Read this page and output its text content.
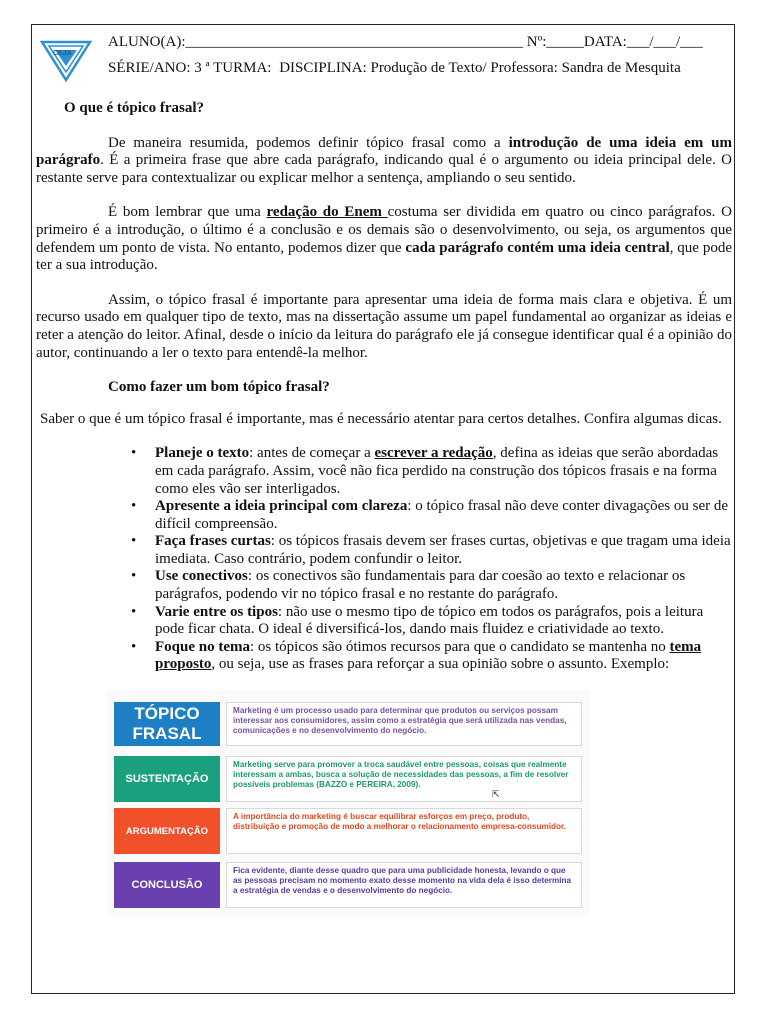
CEJA
ALUNO(A):_____________________________________________ Nº:_____DATA:___/___/___
SÉRIE/ANO: 3 ª TURMA: DISCIPLINA: Produção de Texto/ Professora: Sandra de Mesquita
O que é tópico frasal?

De maneira resumida, podemos definir tópico frasal como a introdução de uma ideia em um parágrafo. É a primeira frase que abre cada parágrafo, indicando qual é o argumento ou ideia principal dele. O restante serve para contextualizar ou explicar melhor a sentença, ampliando o seu sentido.

É bom lembrar que uma redação do Enem costuma ser dividida em quatro ou cinco parágrafos. O primeiro é a introdução, o último é a conclusão e os demais são o desenvolvimento, ou seja, os argumentos que defendem um ponto de vista. No entanto, podemos dizer que cada parágrafo contém uma ideia central, que pode ter a sua introdução.

Assim, o tópico frasal é importante para apresentar uma ideia de forma mais clara e objetiva. É um recurso usado em qualquer tipo de texto, mas na dissertação assume um papel fundamental ao organizar as ideias e reter a atenção do leitor. Afinal, desde o início da leitura do parágrafo ele já consegue identificar qual é a opinião do autor, continuando a ler o texto para entendê-la melhor.

Como fazer um bom tópico frasal?

Saber o que é um tópico frasal é importante, mas é necessário atentar para certos detalhes. Confira algumas dicas.

• Planeje o texto: antes de começar a escrever a redação, defina as ideias que serão abordadas em cada parágrafo. Assim, você não fica perdido na construção dos tópicos frasais e na forma como eles vão ser interligados.
• Apresente a ideia principal com clareza: o tópico frasal não deve conter divagações ou ser de difícil compreensão.
• Faça frases curtas: os tópicos frasais devem ser frases curtas, objetivas e que tragam uma ideia imediata. Caso contrário, podem confundir o leitor.
• Use conectivos: os conectivos são fundamentais para dar coesão ao texto e relacionar os parágrafos, podendo vir no tópico frasal e no restante do parágrafo.
• Varie entre os tipos: não use o mesmo tipo de tópico em todos os parágrafos, pois a leitura pode ficar chata. O ideal é diversificá-los, dando mais fluidez e criatividade ao texto.
• Foque no tema: os tópicos são ótimos recursos para que o candidato se mantenha no tema proposto, ou seja, use as frases para reforçar a sua opinião sobre o assunto. Exemplo:
TÓPICO FRASAL
Marketing é um processo usado para determinar que produtos ou serviços possam interessar aos consumidores, assim como a estratégia que será utilizada nas vendas, comunicações e no desenvolvimento do negócio.
SUSTENTAÇÃO
Marketing serve para promover a troca saudável entre pessoas, coisas que realmente interessam a ambas, busca a solução de necessidades das pessoas, a fim de resolver possíveis problemas (BAZZO e PEREIRA, 2009).
ARGUMENTAÇÃO
A importância do marketing é buscar equilibrar esforços em preço, produto, distribuição e promoção de modo a melhorar o relacionamento empresa-consumidor.
CONCLUSÃO
Fica evidente, diante desse quadro que para uma publicidade honesta, levando o que as pessoas precisam no momento exato desse momento na vida dela é isso determina a estratégia de vendas e o desenvolvimento do negócio.
⇱
